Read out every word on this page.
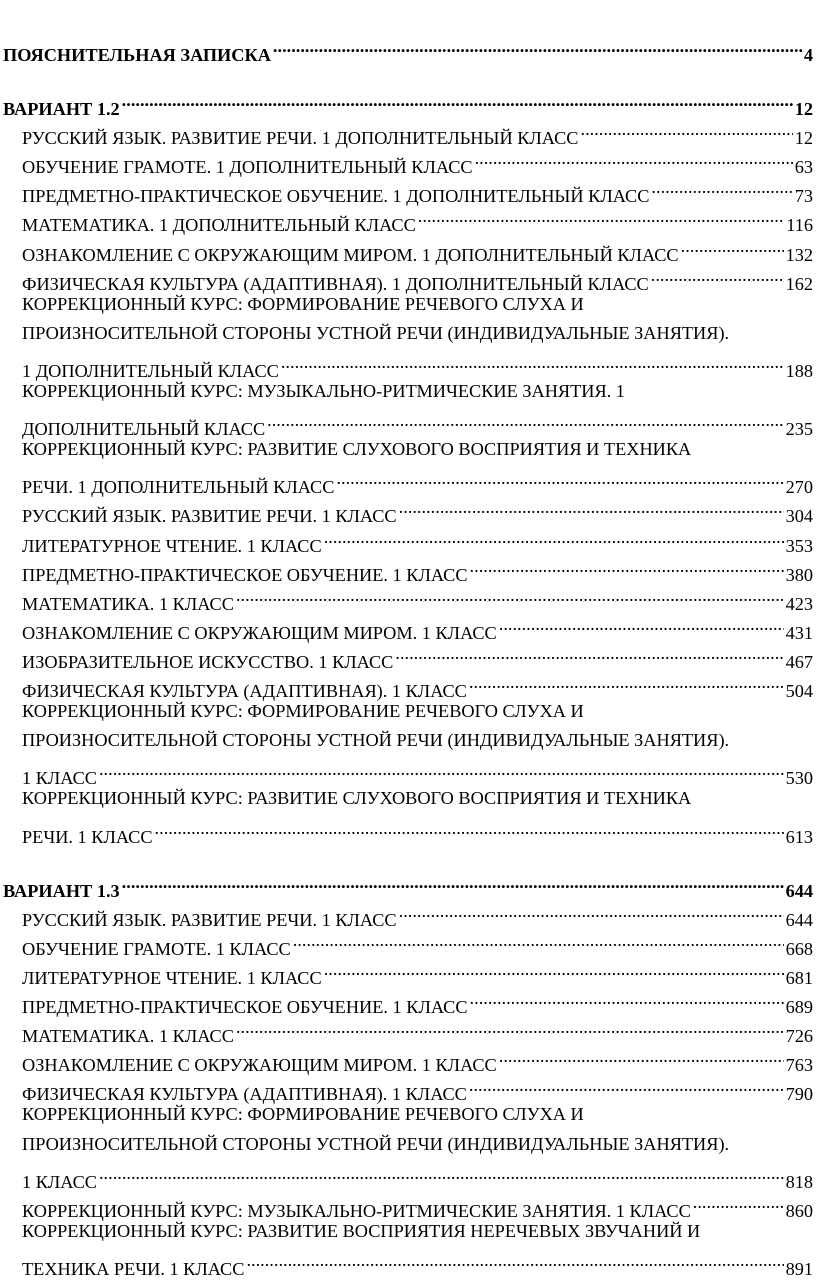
ПОЯСНИТЕЛЬНАЯ ЗАПИСКА .....	4
ВАРИАНТ 1.2 .....	12
РУССКИЙ ЯЗЫК. РАЗВИТИЕ РЕЧИ. 1 ДОПОЛНИТЕЛЬНЫЙ КЛАСС .....	12
ОБУЧЕНИЕ ГРАМОТЕ. 1 ДОПОЛНИТЕЛЬНЫЙ КЛАСС .....	63
ПРЕДМЕТНО-ПРАКТИЧЕСКОЕ ОБУЧЕНИЕ. 1 ДОПОЛНИТЕЛЬНЫЙ КЛАСС .....	73
МАТЕМАТИКА. 1 ДОПОЛНИТЕЛЬНЫЙ КЛАСС .....	116
ОЗНАКОМЛЕНИЕ С ОКРУЖАЮЩИМ МИРОМ. 1 ДОПОЛНИТЕЛЬНЫЙ КЛАСС .....	132
ФИЗИЧЕСКАЯ КУЛЬТУРА (АДАПТИВНАЯ). 1 ДОПОЛНИТЕЛЬНЫЙ КЛАСС .....	162
КОРРЕКЦИОННЫЙ КУРС: ФОРМИРОВАНИЕ РЕЧЕВОГО СЛУХА И
ПРОИЗНОСИТЕЛЬНОЙ СТОРОНЫ УСТНОЙ РЕЧИ (ИНДИВИДУАЛЬНЫЕ ЗАНЯТИЯ).
1 ДОПОЛНИТЕЛЬНЫЙ КЛАСС .....	188
КОРРЕКЦИОННЫЙ КУРС: МУЗЫКАЛЬНО-РИТМИЧЕСКИЕ ЗАНЯТИЯ. 1
ДОПОЛНИТЕЛЬНЫЙ КЛАСС .....	235
КОРРЕКЦИОННЫЙ КУРС: РАЗВИТИЕ СЛУХОВОГО ВОСПРИЯТИЯ И ТЕХНИКА
РЕЧИ. 1 ДОПОЛНИТЕЛЬНЫЙ КЛАСС .....	270
РУССКИЙ ЯЗЫК. РАЗВИТИЕ РЕЧИ. 1 КЛАСС .....	304
ЛИТЕРАТУРНОЕ ЧТЕНИЕ. 1 КЛАСС .....	353
ПРЕДМЕТНО-ПРАКТИЧЕСКОЕ ОБУЧЕНИЕ. 1 КЛАСС .....	380
МАТЕМАТИКА. 1 КЛАСС .....	423
ОЗНАКОМЛЕНИЕ С ОКРУЖАЮЩИМ МИРОМ. 1 КЛАСС .....	431
ИЗОБРАЗИТЕЛЬНОЕ ИСКУССТВО. 1 КЛАСС .....	467
ФИЗИЧЕСКАЯ КУЛЬТУРА (АДАПТИВНАЯ). 1 КЛАСС .....	504
КОРРЕКЦИОННЫЙ КУРС: ФОРМИРОВАНИЕ РЕЧЕВОГО СЛУХА И
ПРОИЗНОСИТЕЛЬНОЙ СТОРОНЫ УСТНОЙ РЕЧИ (ИНДИВИДУАЛЬНЫЕ ЗАНЯТИЯ).
1 КЛАСС .....	530
КОРРЕКЦИОННЫЙ КУРС: РАЗВИТИЕ СЛУХОВОГО ВОСПРИЯТИЯ И ТЕХНИКА
РЕЧИ. 1 КЛАСС .....	613
ВАРИАНТ 1.3 .....	644
РУССКИЙ ЯЗЫК. РАЗВИТИЕ РЕЧИ. 1 КЛАСС .....	644
ОБУЧЕНИЕ ГРАМОТЕ. 1 КЛАСС .....	668
ЛИТЕРАТУРНОЕ ЧТЕНИЕ. 1 КЛАСС .....	681
ПРЕДМЕТНО-ПРАКТИЧЕСКОЕ ОБУЧЕНИЕ. 1 КЛАСС .....	689
МАТЕМАТИКА. 1 КЛАСС .....	726
ОЗНАКОМЛЕНИЕ С ОКРУЖАЮЩИМ МИРОМ. 1 КЛАСС .....	763
ФИЗИЧЕСКАЯ КУЛЬТУРА (АДАПТИВНАЯ). 1 КЛАСС .....	790
КОРРЕКЦИОННЫЙ КУРС: ФОРМИРОВАНИЕ РЕЧЕВОГО СЛУХА И
ПРОИЗНОСИТЕЛЬНОЙ СТОРОНЫ УСТНОЙ РЕЧИ (ИНДИВИДУАЛЬНЫЕ ЗАНЯТИЯ).
1 КЛАСС .....	818
КОРРЕКЦИОННЫЙ КУРС: МУЗЫКАЛЬНО-РИТМИЧЕСКИЕ ЗАНЯТИЯ. 1 КЛАСС .....	860
КОРРЕКЦИОННЫЙ КУРС: РАЗВИТИЕ ВОСПРИЯТИЯ НЕРЕЧЕВЫХ ЗВУЧАНИЙ И
ТЕХНИКА РЕЧИ. 1 КЛАСС .....	891
